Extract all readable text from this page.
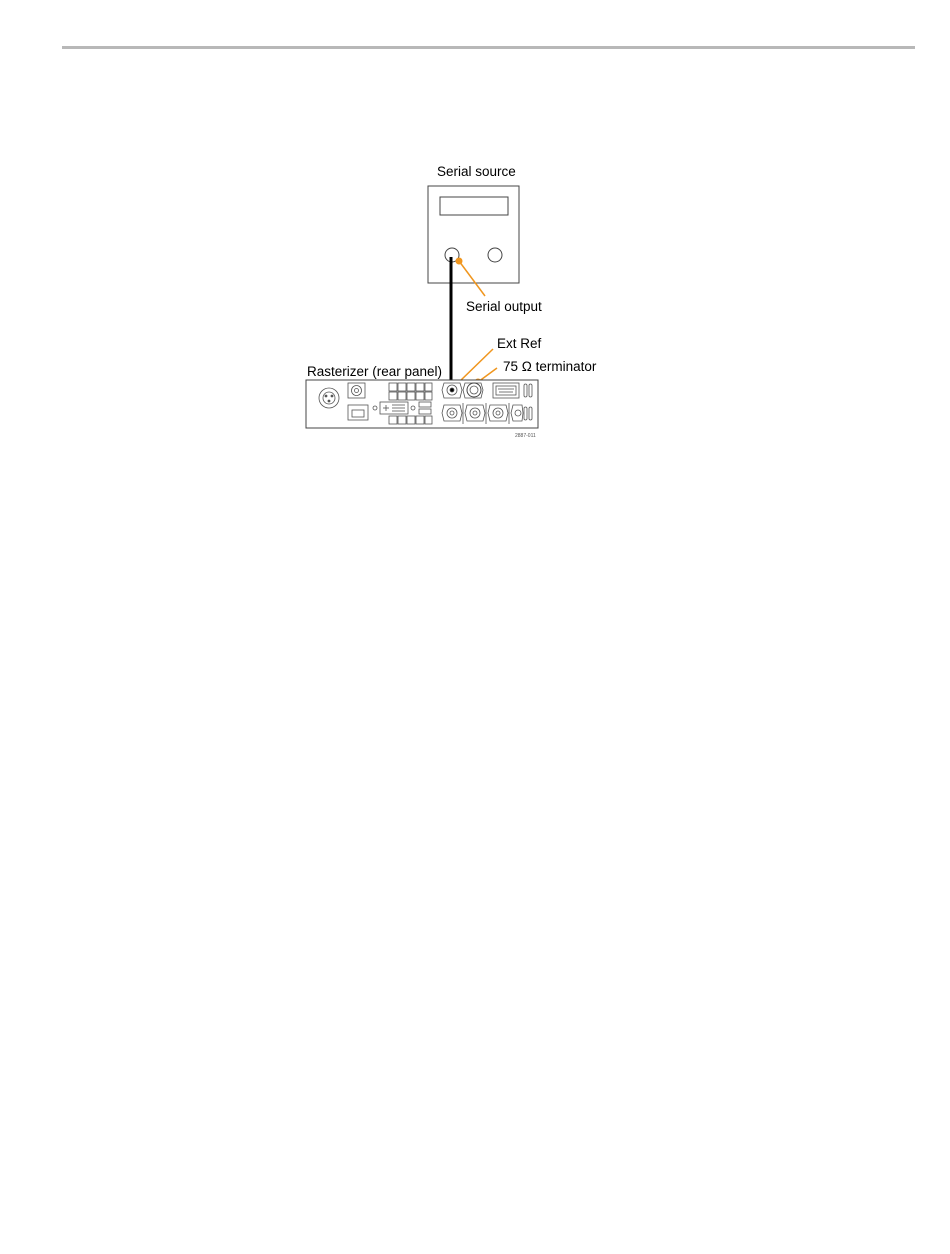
Serial source
Serial output
Ext Ref
75 Ω terminator
Rasterizer (rear panel)
2887-011
